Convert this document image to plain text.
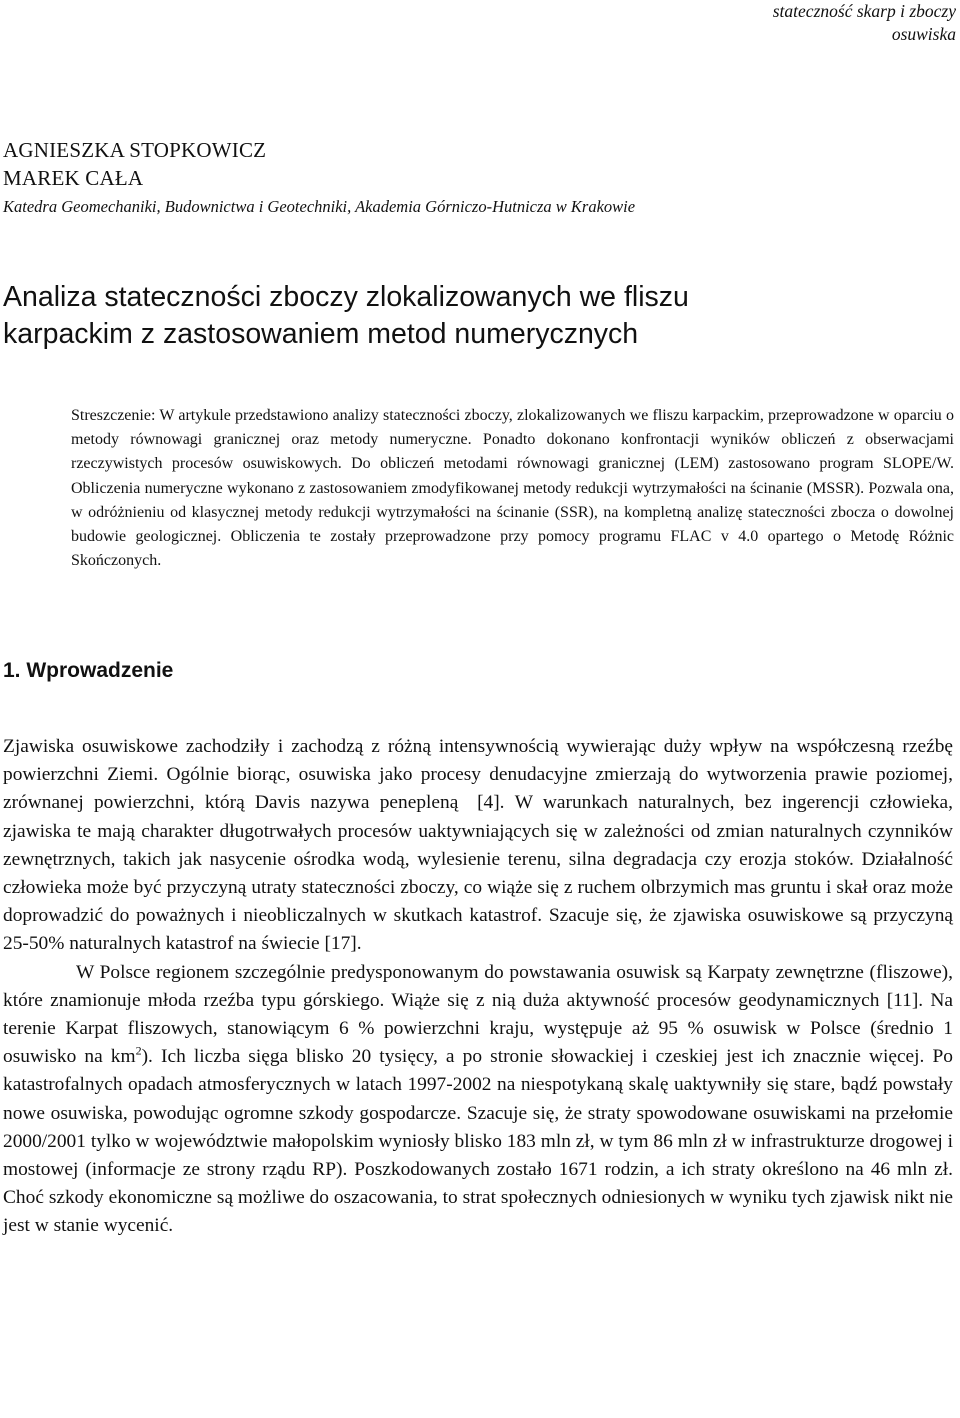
stateczność skarp i zboczy
osuwiska
AGNIESZKA STOPKOWICZ
MAREK CAŁA
Katedra Geomechaniki, Budownictwa i Geotechniki, Akademia Górniczo-Hutnicza w Krakowie
Analiza stateczności zboczy zlokalizowanych we fliszu
karpackim z zastosowaniem metod numerycznych

Streszczenie: W artykule przedstawiono analizy stateczności zboczy, zlokalizowanych we fliszu karpackim, przeprowadzone w oparciu o metody równowagi granicznej oraz metody numeryczne. Ponadto dokonano konfrontacji wyników obliczeń z obserwacjami rzeczywistych procesów osuwiskowych. Do obliczeń metodami równowagi granicznej (LEM) zastosowano program SLOPE/W. Obliczenia numeryczne wykonano z zastosowaniem zmodyfikowanej metody redukcji wytrzymałości na ścinanie (MSSR). Pozwala ona, w odróżnieniu od klasycznej metody redukcji wytrzymałości na ścinanie (SSR), na kompletną analizę stateczności zbocza o dowolnej budowie geologicznej. Obliczenia te zostały przeprowadzone przy pomocy programu FLAC v 4.0 opartego o Metodę Różnic Skończonych.

1. Wprowadzenie

Zjawiska osuwiskowe zachodziły i zachodzą z różną intensywnością wywierając duży wpływ na współczesną rzeźbę powierzchni Ziemi. Ogólnie biorąc, osuwiska jako procesy denudacyjne zmierzają do wytworzenia prawie poziomej, zrównanej powierzchni, którą Davis nazywa peneplenąᅠ[4]. W warunkach naturalnych, bez ingerencji człowieka, zjawiska te mają charakter długotrwałych procesów uaktywniających się w zależności od zmian naturalnych czynników zewnętrznych, takich jak nasycenie ośrodka wodą, wylesienie terenu, silna degradacja czy erozja stoków. Działalność człowieka może być przyczyną utraty stateczności zboczy, co wiąże się z ruchem olbrzymich mas gruntu i skał oraz może doprowadzić do poważnych i nieobliczalnych w skutkach katastrof. Szacuje się, że zjawiska osuwiskowe są przyczyną 25-50% naturalnych katastrof na świecie [17].

W Polsce regionem szczególnie predysponowanym do powstawania osuwisk są Karpaty zewnętrzne (fliszowe), które znamionuje młoda rzeźba typu górskiego. Wiąże się z nią duża aktywność procesów geodynamicznych [11]. Na terenie Karpat fliszowych, stanowiącym 6 % powierzchni kraju, występuje aż 95 % osuwisk w Polsce (średnio 1 osuwisko na $km^2$). Ich liczba sięga blisko 20 tysięcy, a po stronie słowackiej i czeskiej jest ich znacznie więcej. Po katastrofalnych opadach atmosferycznych w latach 1997-2002 na niespotykaną skalę uaktywniły się stare, bądź powstały nowe osuwiska, powodując ogromne szkody gospodarcze. Szacuje się, że straty spowodowane osuwiskami na przełomie 2000/2001 tylko w województwie małopolskim wyniosły blisko 183 mln zł, w tym 86 mln zł w infrastrukturze drogowej i mostowej (informacje ze strony rządu RP). Poszkodowanych zostało 1671 rodzin, a ich straty określono na 46 mln zł. Choć szkody ekonomiczne są możliwe do oszacowania, to strat społecznych odniesionych w wyniku tych zjawisk nikt nie jest w stanie wycenić.
